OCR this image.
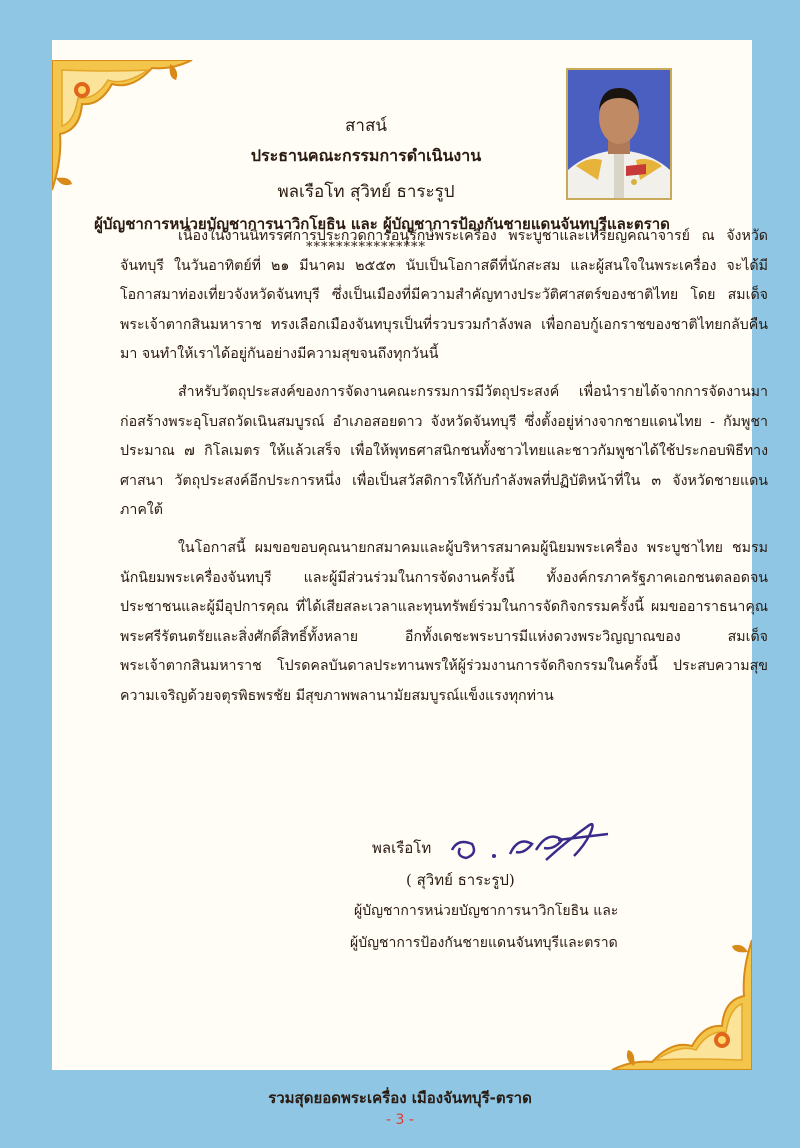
สาสน์
ประธานคณะกรรมการดำเนินงาน
พลเรือโท สุวิทย์ ธาระรูป
ผู้บัญชาการหน่วยบัญชาการนาวิกโยธิน และ ผู้บัญชาการป้องกันชายแดนจันทบุรีและตราด
****************

เนื่องในงานนิทรรศการประกวดการอนุรักษ์พระเครื่อง พระบูชาและเหรียญคณาจารย์ ณ จังหวัดจันทบุรี ในวันอาทิตย์ที่ ๒๑ มีนาคม ๒๕๕๓ นับเป็นโอกาสดีที่นักสะสม และผู้สนใจในพระเครื่อง จะได้มีโอกาสมาท่องเที่ยวจังหวัดจันทบุรี ซึ่งเป็นเมืองที่มีความสำคัญทางประวัติศาสตร์ของชาติไทย โดย สมเด็จพระเจ้าตากสินมหาราช ทรงเลือกเมืองจันทบุรเป็นที่รวบรวมกำลังพล เพื่อกอบกู้เอกราชของชาติไทยกลับคืนมา จนทำให้เราได้อยู่กันอย่างมีความสุขจนถึงทุกวันนี้

สำหรับวัตถุประสงค์ของการจัดงานคณะกรรมการมีวัตถุประสงค์ เพื่อนำรายได้จากการจัดงานมาก่อสร้างพระอุโบสถวัดเนินสมบูรณ์ อำเภอสอยดาว จังหวัดจันทบุรี ซึ่งตั้งอยู่ห่างจากชายแดนไทย - กัมพูชา ประมาณ ๗ กิโลเมตร ให้แล้วเสร็จ เพื่อให้พุทธศาสนิกชนทั้งชาวไทยและชาวกัมพูชาได้ใช้ประกอบพิธีทางศาสนา วัตถุประสงค์อีกประการหนึ่ง เพื่อเป็นสวัสดิการให้กับกำลังพลที่ปฏิบัติหน้าที่ใน ๓ จังหวัดชายแดนภาคใต้

ในโอกาสนี้ ผมขอขอบคุณนายกสมาคมและผู้บริหารสมาคมผู้นิยมพระเครื่อง พระบูชาไทย ชมรมนักนิยมพระเครื่องจันทบุรี และผู้มีส่วนร่วมในการจัดงานครั้งนี้ ทั้งองค์กรภาครัฐภาคเอกชนตลอดจนประชาชนและผู้มีอุปการคุณ ที่ได้เสียสละเวลาและทุนทรัพย์ร่วมในการจัดกิจกรรมครั้งนี้ ผมขออาราธนาคุณพระศรีรัตนตรัยและสิ่งศักดิ์สิทธิ์ทั้งหลาย อีกทั้งเดชะพระบารมีแห่งดวงพระวิญญาณของ สมเด็จพระเจ้าตากสินมหาราช โปรดคลบันดาลประทานพรให้ผู้ร่วมงานการจัดกิจกรรมในครั้งนี้ ประสบความสุขความเจริญด้วยจตุรพิธพรชัย มีสุขภาพพลานามัยสมบูรณ์แข็งแรงทุกท่าน

พลเรือโท
( สุวิทย์ ธาระรูป)
ผู้บัญชาการหน่วยบัญชาการนาวิกโยธิน และ
ผู้บัญชาการป้องกันชายแดนจันทบุรีและตราด
รวมสุดยอดพระเครื่อง เมืองจันทบุรี-ตราด
- 3 -
